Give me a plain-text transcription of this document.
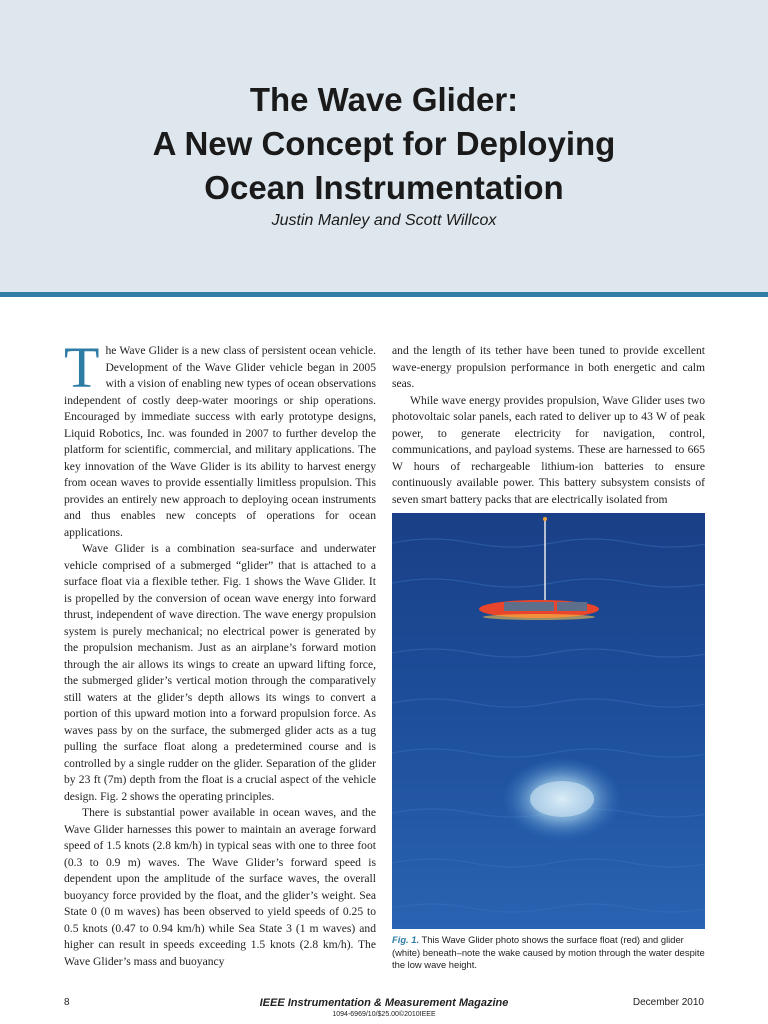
The Wave Glider:
A New Concept for Deploying
Ocean Instrumentation
Justin Manley and Scott Willcox

The Wave Glider is a new class of persistent ocean vehicle. Development of the Wave Glider vehicle began in 2005 with a vision of enabling new types of ocean observations independent of costly deep-water moorings or ship operations. Encouraged by immediate success with early prototype designs, Liquid Robotics, Inc. was founded in 2007 to further develop the platform for scientific, commercial, and military applications. The key innovation of the Wave Glider is its ability to harvest energy from ocean waves to provide essentially limitless propulsion. This provides an entirely new approach to deploying ocean instruments and thus enables new concepts of operations for ocean applications.

Wave Glider is a combination sea-surface and underwater vehicle comprised of a submerged “glider” that is attached to a surface float via a flexible tether. Fig. 1 shows the Wave Glider. It is propelled by the conversion of ocean wave energy into forward thrust, independent of wave direction. The wave energy propulsion system is purely mechanical; no electrical power is generated by the propulsion mechanism. Just as an airplane’s forward motion through the air allows its wings to create an upward lifting force, the submerged glider’s vertical motion through the comparatively still waters at the glider’s depth allows its wings to convert a portion of this upward motion into a forward propulsion force. As waves pass by on the surface, the submerged glider acts as a tug pulling the surface float along a predetermined course and is controlled by a single rudder on the glider. Separation of the glider by 23 ft (7m) depth from the float is a crucial aspect of the vehicle design. Fig. 2 shows the operating principles.

There is substantial power available in ocean waves, and the Wave Glider harnesses this power to maintain an average forward speed of 1.5 knots (2.8 km/h) in typical seas with one to three foot (0.3 to 0.9 m) waves. The Wave Glider’s forward speed is dependent upon the amplitude of the surface waves, the overall buoyancy force provided by the float, and the glider’s weight. Sea State 0 (0 m waves) has been observed to yield speeds of 0.25 to 0.5 knots (0.47 to 0.94 km/h) while Sea State 3 (1 m waves) and higher can result in speeds exceeding 1.5 knots (2.8 km/h). The Wave Glider’s mass and buoyancy

and the length of its tether have been tuned to provide excellent wave-energy propulsion performance in both energetic and calm seas.

While wave energy provides propulsion, Wave Glider uses two photovoltaic solar panels, each rated to deliver up to 43 W of peak power, to generate electricity for navigation, control, communications, and payload systems. These are harnessed to 665 W hours of rechargeable lithium-ion batteries to ensure continuously available power. This battery subsystem consists of seven smart battery packs that are electrically isolated from

Fig. 1. This Wave Glider photo shows the surface float (red) and glider (white) beneath–note the wake caused by motion through the water despite the low wave height.
8	IEEE Instrumentation & Measurement Magazine
1094-6969/10/$25.00©2010IEEE
December 2010
